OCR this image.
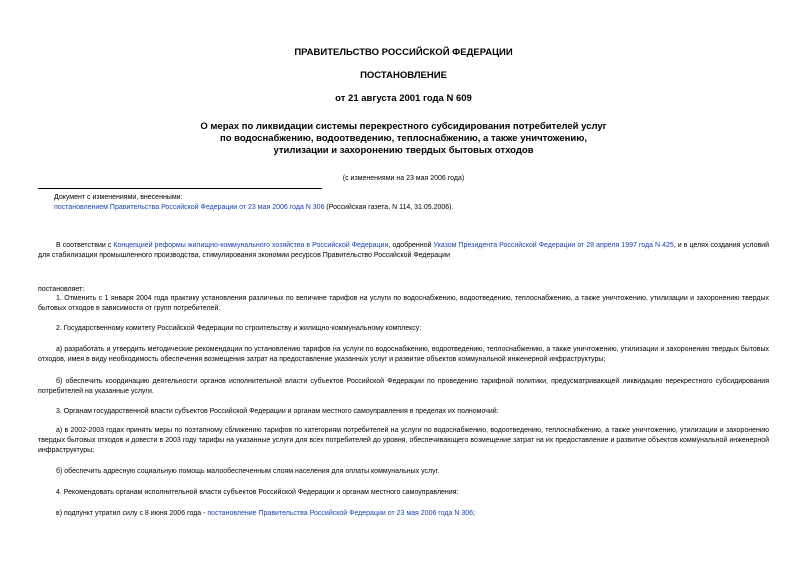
ПРАВИТЕЛЬСТВО РОССИЙСКОЙ ФЕДЕРАЦИИ
ПОСТАНОВЛЕНИЕ
от 21 августа 2001 года N 609
О мерах по ликвидации системы перекрестного субсидирования потребителей услуг по водоснабжению, водоотведению, теплоснабжению, а также уничтожению, утилизации и захоронению твердых бытовых отходов
(с изменениями на 23 мая 2006 года)
Документ с изменениями, внесенными:
постановлением Правительства Российской Федерации от 23 мая 2006 года N 306 (Российская газета, N 114, 31.05.2006).
В соответствии с Концепцией реформы жилищно-коммунального хозяйства в Российской Федерации, одобренной Указом Президента Российской Федерации от 28 апреля 1997 года N 425, и в целях создания условий для стабилизации промышленного производства, стимулирования экономии ресурсов Правительство Российской Федерации
постановляет:
1. Отменить с 1 января 2004 года практику установления различных по величине тарифов на услуги по водоснабжению, водоотведению, теплоснабжению, а также уничтожению, утилизации и захоронению твердых бытовых отходов в зависимости от групп потребителей.
2. Государственному комитету Российской Федерации по строительству и жилищно-коммунальному комплексу:
а) разработать и утвердить методические рекомендации по установлению тарифов на услуги по водоснабжению, водоотведению, теплоснабжению, а также уничтожению, утилизации и захоронению твердых бытовых отходов, имея в виду необходимость обеспечения возмещения затрат на предоставление указанных услуг и развитие объектов коммунальной инженерной инфраструктуры;
б) обеспечить координацию деятельности органов исполнительной власти субъектов Российской Федерации по проведению тарифной политики, предусматривающей ликвидацию перекрестного субсидирования потребителей на указанные услуги.
3. Органам государственной власти субъектов Российской Федерации и органам местного самоуправления в пределах их полномочий:
а) в 2002-2003 годах принять меры по поэтапному сближению тарифов по категориям потребителей на услуги по водоснабжению, водоотведению, теплоснабжению, а также уничтожению, утилизации и захоронению твердых бытовых отходов и довести в 2003 году тарифы на указанные услуги для всех потребителей до уровня, обеспечивающего возмещение затрат на их предоставление и развитие объектов коммунальной инженерной инфраструктуры;
б) обеспечить адресную социальную помощь малообеспеченным слоям населения для оплаты коммунальных услуг.
4. Рекомендовать органам исполнительной власти субъектов Российской Федерации и органам местного самоуправления:
в) подпункт утратил силу с 8 июня 2006 года - постановление Правительства Российской Федерации от 23 мая 2006 года N 306;
